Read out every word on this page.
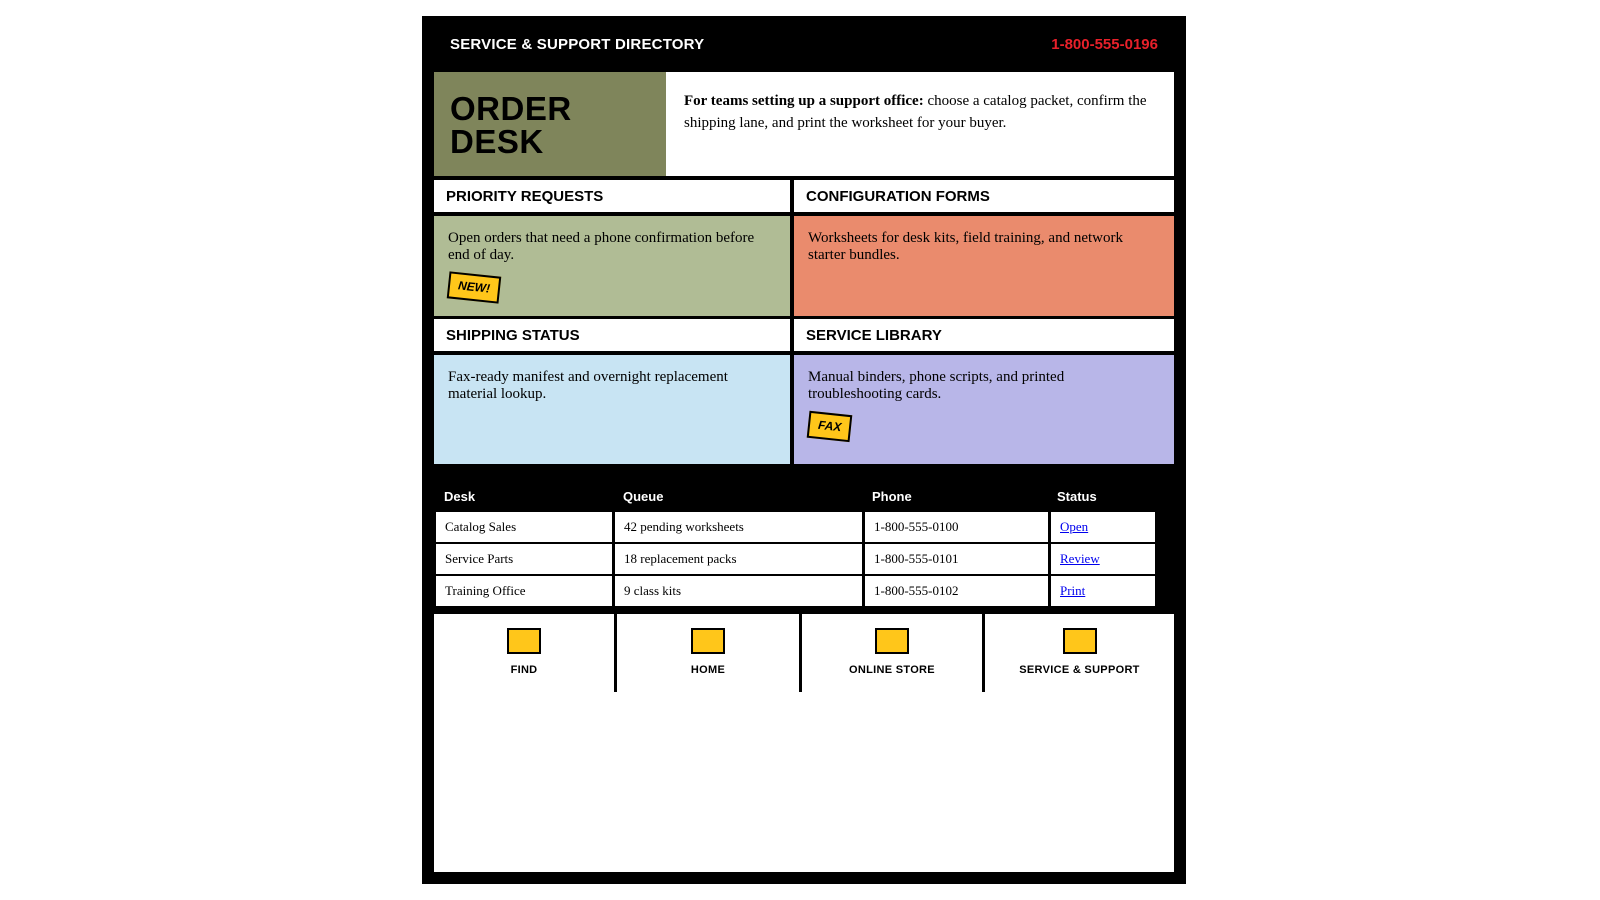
SERVICE & SUPPORT DIRECTORY	1-800-555-0196
ORDER
DESK
For teams setting up a support office: choose a catalog packet, confirm the shipping lane, and print the worksheet for your buyer.
PRIORITY REQUESTS	CONFIGURATION FORMS
Open orders that need a phone confirmation before end of day.
NEW!
Worksheets for desk kits, field training, and network starter bundles.
SHIPPING STATUS	SERVICE LIBRARY
Fax-ready manifest and overnight replacement material lookup.
Manual binders, phone scripts, and printed troubleshooting cards.
FAX
Desk	Queue	Phone	Status
Catalog Sales	42 pending worksheets	1-800-555-0100	Open
Service Parts	18 replacement packs	1-800-555-0101	Review
Training Office	9 class kits	1-800-555-0102	Print
FIND	HOME	ONLINE STORE	SERVICE & SUPPORT
